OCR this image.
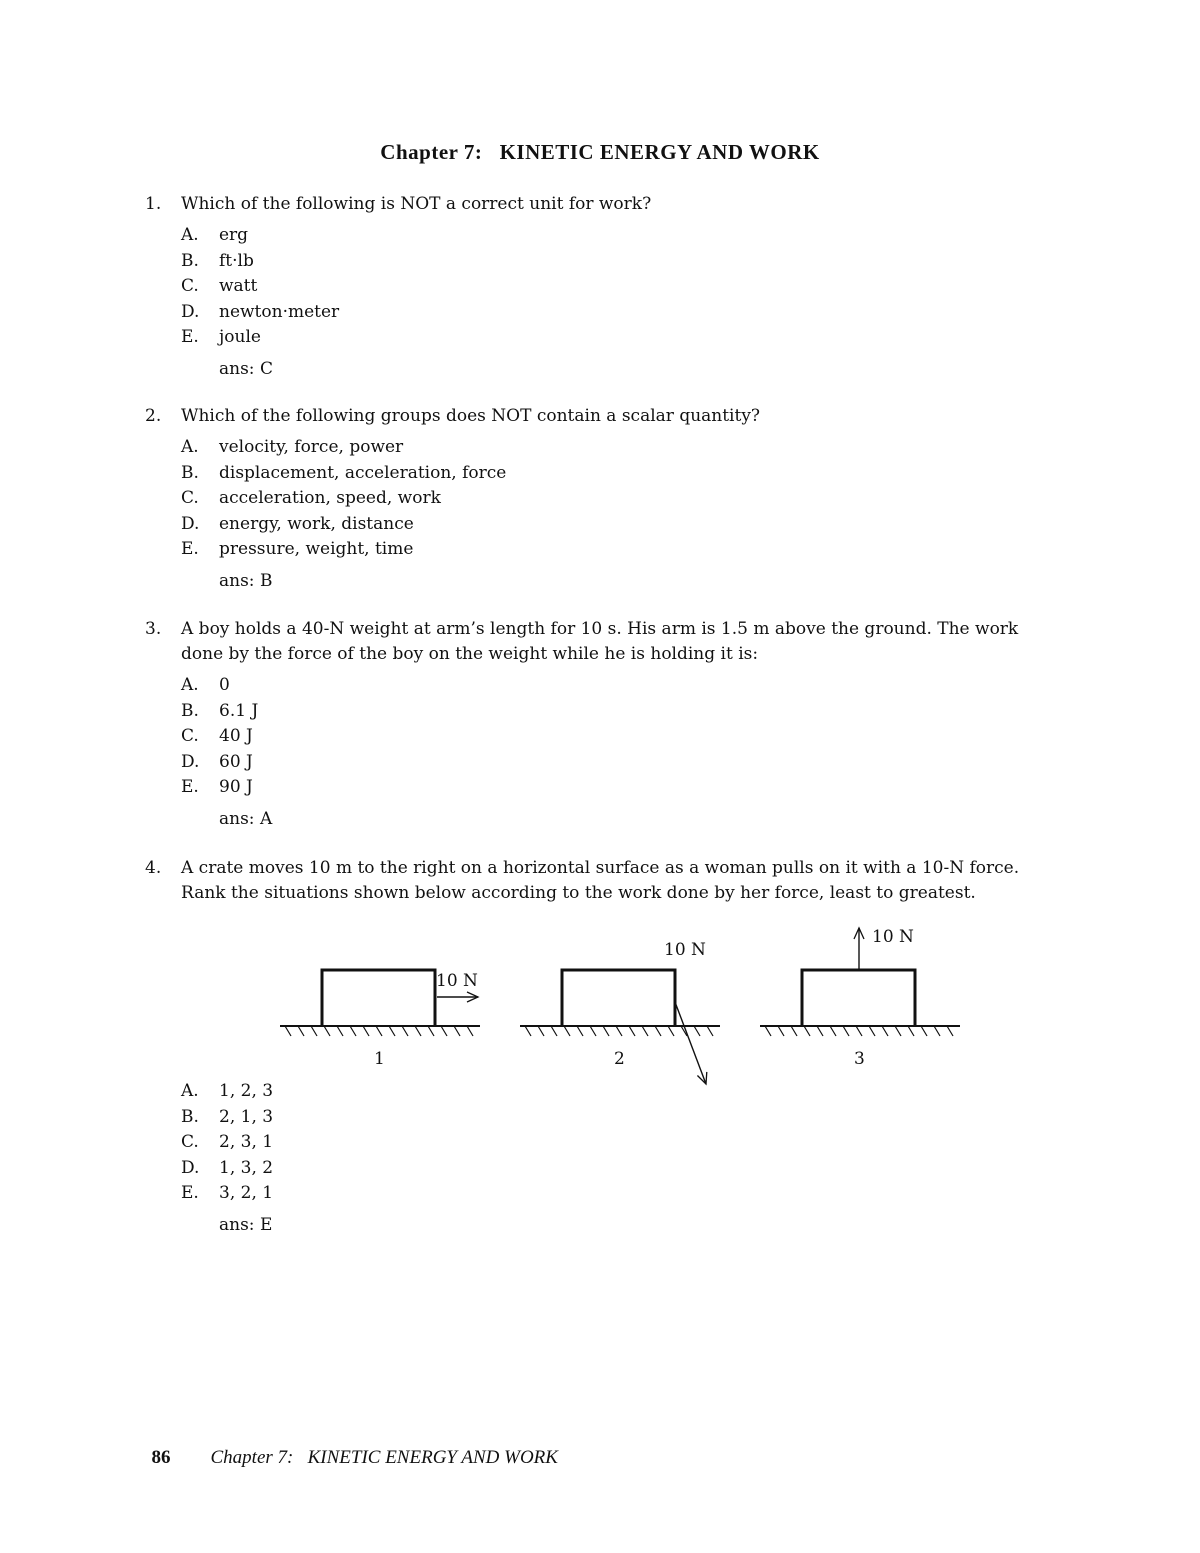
Chapter 7:   KINETIC ENERGY AND WORK
1. Which of the following is NOT a correct unit for work?
A. erg
B. ft·lb
C. watt
D. newton·meter
E. joule
ans: C
2. Which of the following groups does NOT contain a scalar quantity?
A. velocity, force, power
B. displacement, acceleration, force
C. acceleration, speed, work
D. energy, work, distance
E. pressure, weight, time
ans: B
3. A boy holds a 40-N weight at arm’s length for 10 s. His arm is 1.5 m above the ground. The work done by the force of the boy on the weight while he is holding it is:
A. 0
B. 6.1 J
C. 40 J
D. 60 J
E. 90 J
ans: A
4. A crate moves 10 m to the right on a horizontal surface as a woman pulls on it with a 10-N force. Rank the situations shown below according to the work done by her force, least to greatest.
10 N
1
10 N
2
10 N
3
A. 1, 2, 3
B. 2, 1, 3
C. 2, 3, 1
D. 1, 3, 2
E. 3, 2, 1
ans: E

86 Chapter 7:   KINETIC ENERGY AND WORK
